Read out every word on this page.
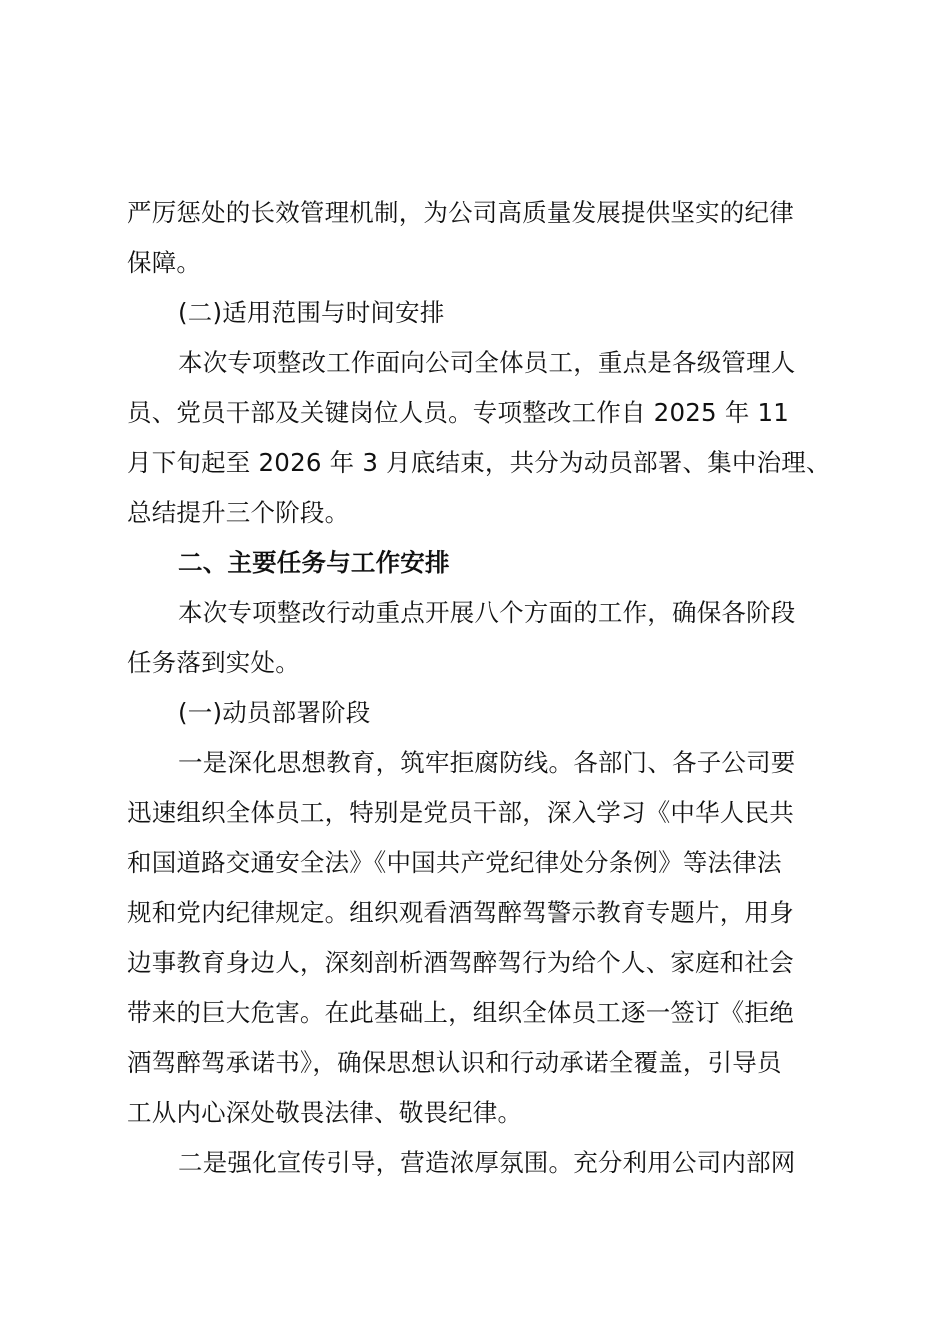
严厉惩处的长效管理机制，为公司高质量发展提供坚实的纪律
保障。
(二)适用范围与时间安排
本次专项整改工作面向公司全体员工，重点是各级管理人
员、党员干部及关键岗位人员。专项整改工作自 2025 年 11
月下旬起至 2026 年 3 月底结束，共分为动员部署、集中治理、
总结提升三个阶段。
二、主要任务与工作安排
本次专项整改行动重点开展八个方面的工作，确保各阶段
任务落到实处。
(一)动员部署阶段
一是深化思想教育，筑牢拒腐防线。各部门、各子公司要
迅速组织全体员工，特别是党员干部，深入学习《中华人民共
和国道路交通安全法》《中国共产党纪律处分条例》等法律法
规和党内纪律规定。组织观看酒驾醉驾警示教育专题片，用身
边事教育身边人，深刻剖析酒驾醉驾行为给个人、家庭和社会
带来的巨大危害。在此基础上，组织全体员工逐一签订《拒绝
酒驾醉驾承诺书》，确保思想认识和行动承诺全覆盖，引导员
工从内心深处敬畏法律、敬畏纪律。
二是强化宣传引导，营造浓厚氛围。充分利用公司内部网
